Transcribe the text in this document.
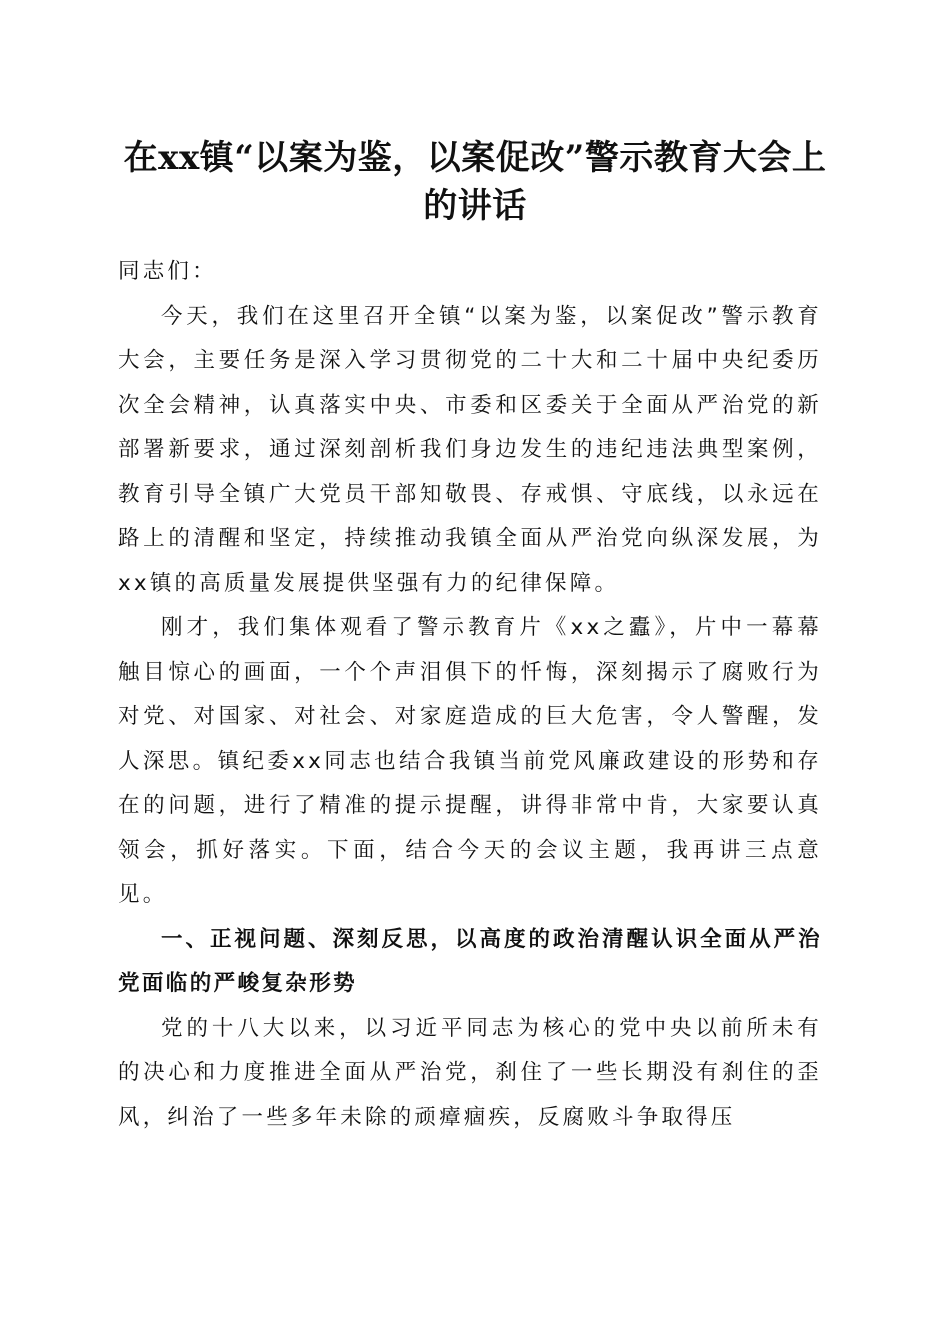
在xx镇“以案为鉴，以案促改”警示教育大会上的讲话

同志们：

今天，我们在这里召开全镇“以案为鉴，以案促改”警示教育大会，主要任务是深入学习贯彻党的二十大和二十届中央纪委历次全会精神，认真落实中央、市委和区委关于全面从严治党的新部署新要求，通过深刻剖析我们身边发生的违纪违法典型案例，教育引导全镇广大党员干部知敬畏、存戒惧、守底线，以永远在路上的清醒和坚定，持续推动我镇全面从严治党向纵深发展，为xx镇的高质量发展提供坚强有力的纪律保障。

刚才，我们集体观看了警示教育片《xx之蠹》，片中一幕幕触目惊心的画面，一个个声泪俱下的忏悔，深刻揭示了腐败行为对党、对国家、对社会、对家庭造成的巨大危害，令人警醒，发人深思。镇纪委xx同志也结合我镇当前党风廉政建设的形势和存在的问题，进行了精准的提示提醒，讲得非常中肯，大家要认真领会，抓好落实。下面，结合今天的会议主题，我再讲三点意见。

一、正视问题、深刻反思，以高度的政治清醒认识全面从严治党面临的严峻复杂形势

党的十八大以来，以习近平同志为核心的党中央以前所未有的决心和力度推进全面从严治党，刹住了一些长期没有刹住的歪风，纠治了一些多年未除的顽瘴痼疾，反腐败斗争取得压
